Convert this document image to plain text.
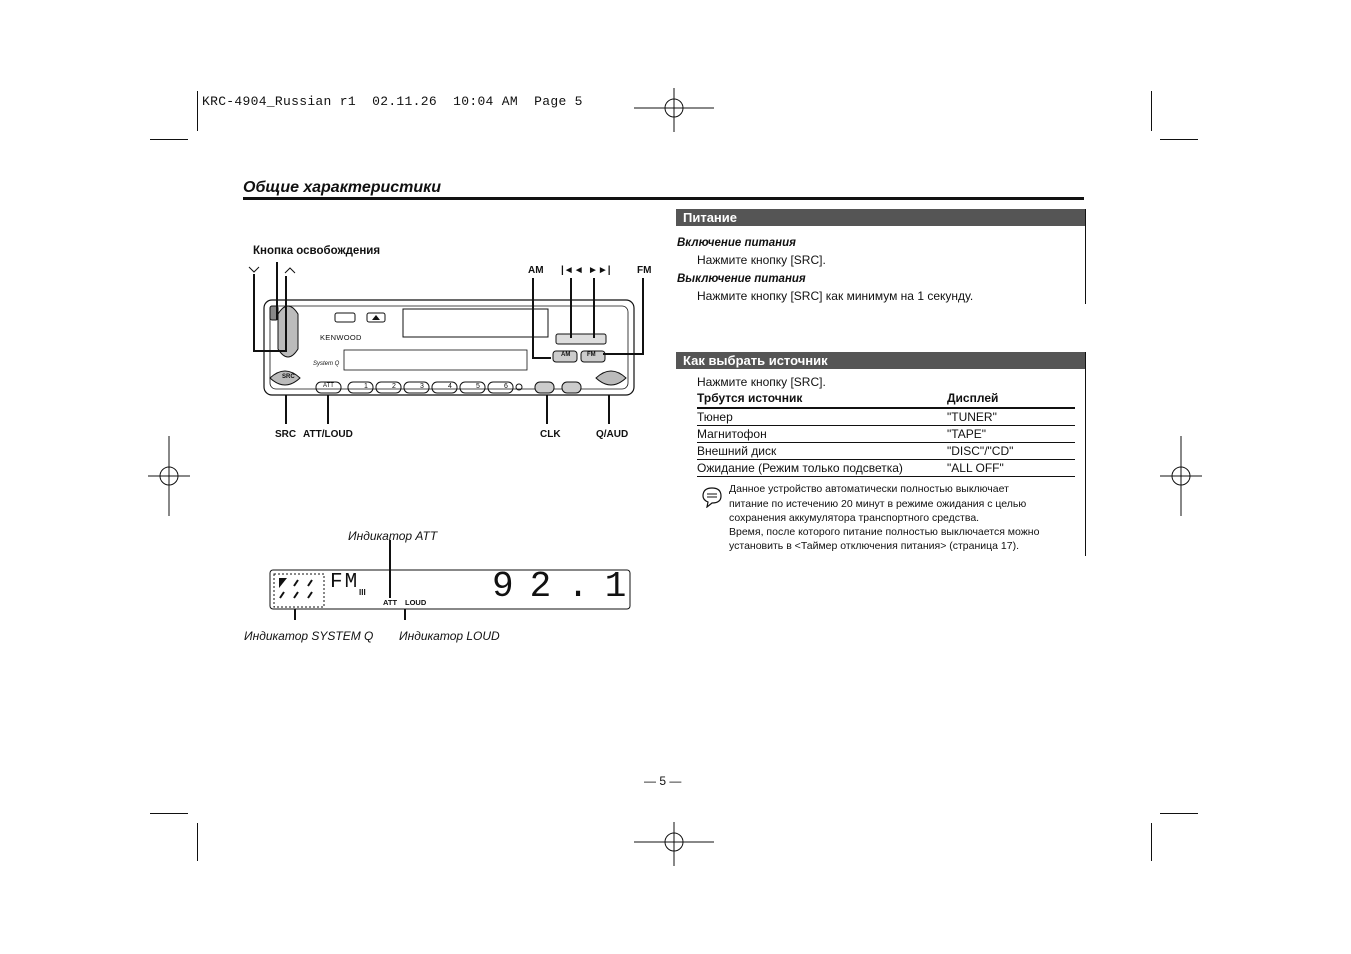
KRC-4904_Russian r1  02.11.26  10:04 AM  Page 5
Общие характеристики
Кнопка освобождения
KENWOOD
System Q
SRC
ATT
AM	FM
1	2	3	4	5	6
AM |◄◄ ►►|	FM
SRC ATT/LOUD	CLK	Q/AUD
Индикатор ATT
FM III
ATT LOUD 92.1
Индикатор SYSTEM Q Индикатор LOUD
Питание
Включение питания
Нажмите кнопку [SRC].
Выключение питания
Нажмите кнопку [SRC] как минимум на 1 секунду.
Как выбрать источник
Нажмите кнопку [SRC].
Трбутся источник	Дисплей
Тюнер	"TUNER"
Магнитофон	"TAPE"
Внешний диск	"DISC"/"CD"
Ожидание (Режим только подсветка)	"ALL OFF"
Данное устройство автоматически полностью выключает
питание по истечению 20 минут в режиме ожидания с целью
сохранения аккумулятора транспортного средства.
Время, после которого питание полностью выключается можно
установить в <Таймер отключения питания> (страница 17).
— 5 —
